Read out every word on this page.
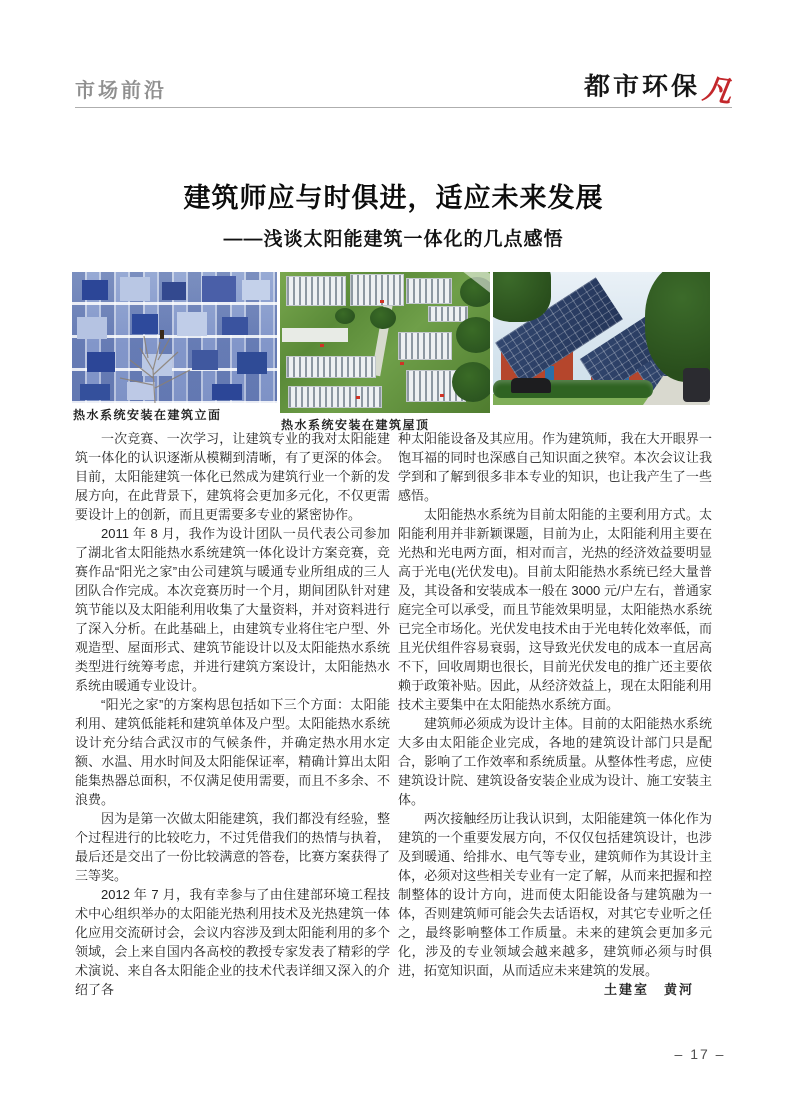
市场前沿	都市环保 凡
建筑师应与时俱进，适应未来发展
——浅谈太阳能建筑一体化的几点感悟
热水系统安装在建筑立面
热水系统安装在建筑屋顶

一次竞赛、一次学习，让建筑专业的我对太阳能建筑一体化的认识逐渐从模糊到清晰，有了更深的体会。目前，太阳能建筑一体化已然成为建筑行业一个新的发展方向，在此背景下，建筑将会更加多元化，不仅更需要设计上的创新，而且更需要多专业的紧密协作。

2011 年 8 月，我作为设计团队一员代表公司参加了湖北省太阳能热水系统建筑一体化设计方案竞赛，竞赛作品“阳光之家”由公司建筑与暖通专业所组成的三人团队合作完成。本次竞赛历时一个月，期间团队针对建筑节能以及太阳能利用收集了大量资料，并对资料进行了深入分析。在此基础上，由建筑专业将住宅户型、外观造型、屋面形式、建筑节能设计以及太阳能热水系统类型进行统筹考虑，并进行建筑方案设计，太阳能热水系统由暖通专业设计。

“阳光之家”的方案构思包括如下三个方面：太阳能利用、建筑低能耗和建筑单体及户型。太阳能热水系统设计充分结合武汉市的气候条件，并确定热水用水定额、水温、用水时间及太阳能保证率，精确计算出太阳能集热器总面积，不仅满足使用需要，而且不多余、不浪费。

因为是第一次做太阳能建筑，我们都没有经验，整个过程进行的比较吃力，不过凭借我们的热情与执着，最后还是交出了一份比较满意的答卷，比赛方案获得了三等奖。

2012 年 7 月，我有幸参与了由住建部环境工程技术中心组织举办的太阳能光热利用技术及光热建筑一体化应用交流研讨会，会议内容涉及到太阳能利用的多个领域，会上来自国内各高校的教授专家发表了精彩的学术演说、来自各太阳能企业的技术代表详细又深入的介绍了各

种太阳能设备及其应用。作为建筑师，我在大开眼界一饱耳福的同时也深感自己知识面之狭窄。本次会议让我学到和了解到很多非本专业的知识，也让我产生了一些感悟。

太阳能热水系统为目前太阳能的主要利用方式。太阳能利用并非新颖课题，目前为止，太阳能利用主要在光热和光电两方面，相对而言，光热的经济效益要明显高于光电(光伏发电)。目前太阳能热水系统已经大量普及，其设备和安装成本一般在 3000 元/户左右，普通家庭完全可以承受，而且节能效果明显，太阳能热水系统已完全市场化。光伏发电技术由于光电转化效率低，而且光伏组件容易衰弱，这导致光伏发电的成本一直居高不下，回收周期也很长，目前光伏发电的推广还主要依赖于政策补贴。因此，从经济效益上，现在太阳能利用技术主要集中在太阳能热水系统方面。

建筑师必须成为设计主体。目前的太阳能热水系统大多由太阳能企业完成，各地的建筑设计部门只是配合，影响了工作效率和系统质量。从整体性考虑，应使建筑设计院、建筑设备安装企业成为设计、施工安装主体。

两次接触经历让我认识到，太阳能建筑一体化作为建筑的一个重要发展方向，不仅仅包括建筑设计，也涉及到暖通、给排水、电气等专业，建筑师作为其设计主体，必须对这些相关专业有一定了解，从而来把握和控制整体的设计方向，进而使太阳能设备与建筑融为一体，否则建筑师可能会失去话语权，对其它专业听之任之，最终影响整体工作质量。未来的建筑会更加多元化，涉及的专业领域会越来越多，建筑师必须与时俱进，拓宽知识面，从而适应未来建筑的发展。

土建室　黄河

– 17 –
